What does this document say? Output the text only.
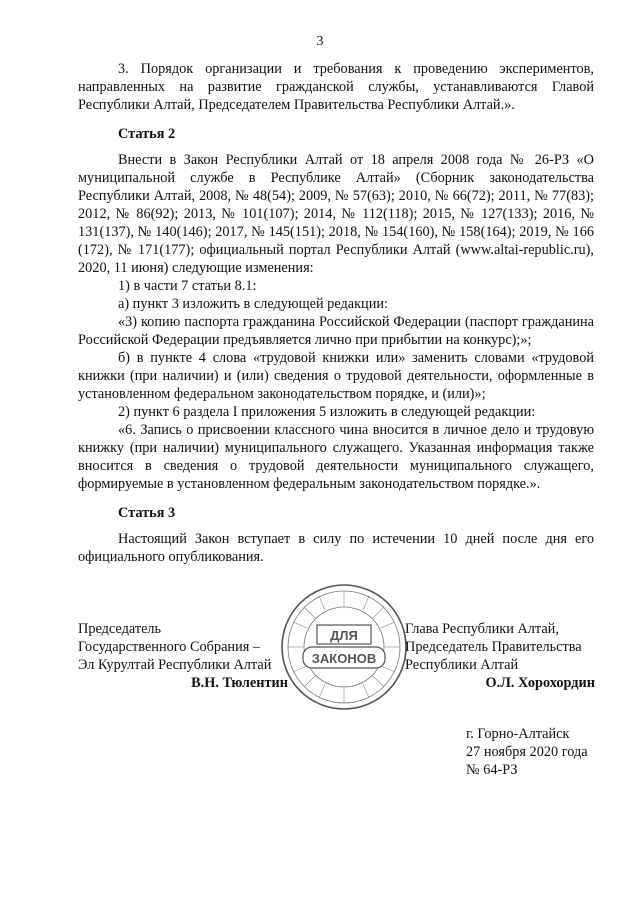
3

3. Порядок организации и требования к проведению экспериментов, направленных на развитие гражданской службы, устанавливаются Главой Республики Алтай, Председателем Правительства Республики Алтай.».

Статья 2

Внести в Закон Республики Алтай от 18 апреля 2008 года № 26-РЗ «О муниципальной службе в Республике Алтай» (Сборник законодательства Республики Алтай, 2008, № 48(54); 2009, № 57(63); 2010, № 66(72); 2011, № 77(83); 2012, № 86(92); 2013, № 101(107); 2014, № 112(118); 2015, № 127(133); 2016, № 131(137), № 140(146); 2017, № 145(151); 2018, № 154(160), № 158(164); 2019, № 166 (172), № 171(177); официальный портал Республики Алтай (www.altai-republic.ru), 2020, 11 июня) следующие изменения:

1) в части 7 статьи 8.1:

а) пункт 3 изложить в следующей редакции:

«3) копию паспорта гражданина Российской Федерации (паспорт гражданина Российской Федерации предъявляется лично при прибытии на конкурс);»;

б) в пункте 4 слова «трудовой книжки или» заменить словами «трудовой книжки (при наличии) и (или) сведения о трудовой деятельности, оформленные в установленном федеральном законодательством порядке, и (или)»;

2) пункт 6 раздела I приложения 5 изложить в следующей редакции:

«6. Запись о присвоении классного чина вносится в личное дело и трудовую книжку (при наличии) муниципального служащего. Указанная информация также вносится в сведения о трудовой деятельности муниципального служащего, формируемые в установленном федеральным законодательством порядке.».

Статья 3

Настоящий Закон вступает в силу по истечении 10 дней после дня его официального опубликования.

Председатель
Государственного Собрания –
Эл Курултай Республики Алтай
В.Н. Тюлентин
ДЛЯ
ЗАКОНОВ
Глава Республики Алтай,
Председатель Правительства
Республики Алтай
О.Л. Хорохордин
г. Горно-Алтайск
27 ноября 2020 года
№ 64-РЗ
